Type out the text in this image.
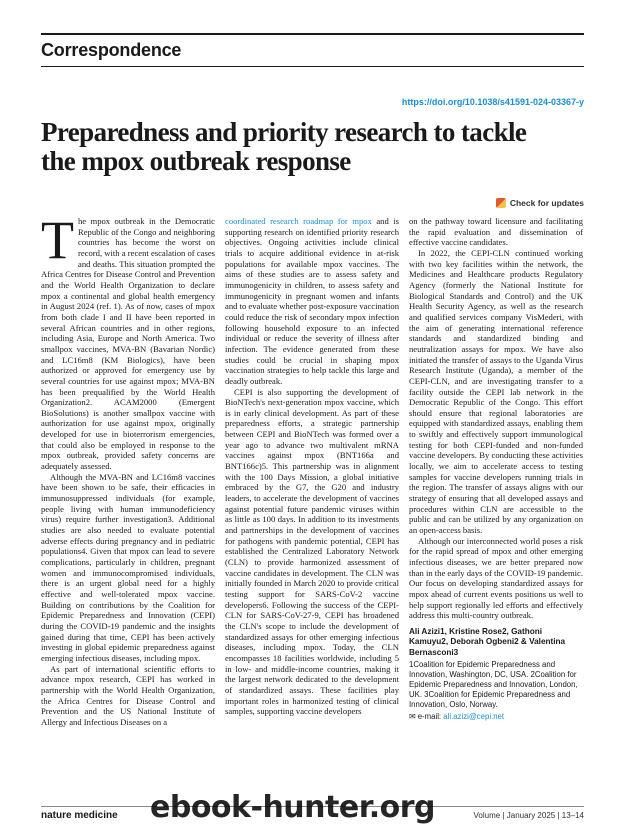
Correspondence
https://doi.org/10.1038/s41591-024-03367-y
Preparedness and priority research to tackle the mpox outbreak response
Check for updates

The mpox outbreak in the Democratic Republic of the Congo and neighboring countries has become the worst on record, with a recent escalation of cases and deaths. This situation prompted the Africa Centres for Disease Control and Prevention and the World Health Organization to declare mpox a continental and global health emergency in August 2024 (ref. 1). As of now, cases of mpox from both clade I and II have been reported in several African countries and in other regions, including Asia, Europe and North America. Two smallpox vaccines, MVA-BN (Bavarian Nordic) and LC16m8 (KM Biologics), have been authorized or approved for emergency use by several countries for use against mpox; MVA-BN has been prequalified by the World Health Organization2. ACAM2000 (Emergent BioSolutions) is another smallpox vaccine with authorization for use against mpox, originally developed for use in bioterrorism emergencies, that could also be employed in response to the mpox outbreak, provided safety concerns are adequately assessed.

Although the MVA-BN and LC16m8 vaccines have been shown to be safe, their efficacies in immunosuppressed individuals (for example, people living with human immunodeficiency virus) require further investigation3. Additional studies are also needed to evaluate potential adverse effects during pregnancy and in pediatric populations4. Given that mpox can lead to severe complications, particularly in children, pregnant women and immunocompromised individuals, there is an urgent global need for a highly effective and well-tolerated mpox vaccine. Building on contributions by the Coalition for Epidemic Preparedness and Innovation (CEPI) during the COVID-19 pandemic and the insights gained during that time, CEPI has been actively investing in global epidemic preparedness against emerging infectious diseases, including mpox.

As part of international scientific efforts to advance mpox research, CEPI has worked in partnership with the World Health Organization, the Africa Centres for Disease Control and Prevention and the US National Institute of Allergy and Infectious Diseases on a

coordinated research roadmap for mpox and is supporting research on identified priority research objectives. Ongoing activities include clinical trials to acquire additional evidence in at-risk populations for available mpox vaccines. The aims of these studies are to assess safety and immunogenicity in children, to assess safety and immunogenicity in pregnant women and infants and to evaluate whether post-exposure vaccination could reduce the risk of secondary mpox infection following household exposure to an infected individual or reduce the severity of illness after infection. The evidence generated from these studies could be crucial in shaping mpox vaccination strategies to help tackle this large and deadly outbreak.

CEPI is also supporting the development of BioNTech's next-generation mpox vaccine, which is in early clinical development. As part of these preparedness efforts, a strategic partnership between CEPI and BioNTech was formed over a year ago to advance two multivalent mRNA vaccines against mpox (BNT166a and BNT166c)5. This partnership was in alignment with the 100 Days Mission, a global initiative embraced by the G7, the G20 and industry leaders, to accelerate the development of vaccines against potential future pandemic viruses within as little as 100 days. In addition to its investments and partnerships in the development of vaccines for pathogens with pandemic potential, CEPI has established the Centralized Laboratory Network (CLN) to provide harmonized assessment of vaccine candidates in development. The CLN was initially founded in March 2020 to provide critical testing support for SARS-CoV-2 vaccine developers6. Following the success of the CEPI-CLN for SARS-CoV-27-9, CEPI has broadened the CLN's scope to include the development of standardized assays for other emerging infectious diseases, including mpox. Today, the CLN encompasses 18 facilities worldwide, including 5 in low- and middle-income countries, making it the largest network dedicated to the development of standardized assays. These facilities play important roles in harmonized testing of clinical samples, supporting vaccine developers

on the pathway toward licensure and facilitating the rapid evaluation and dissemination of effective vaccine candidates.

In 2022, the CEPI-CLN continued working with two key facilities within the network, the Medicines and Healthcare products Regulatory Agency (formerly the National Institute for Biological Standards and Control) and the UK Health Security Agency, as well as the research and qualified services company VisMederi, with the aim of generating international reference standards and standardized binding and neutralization assays for mpox. We have also initiated the transfer of assays to the Uganda Virus Research Institute (Uganda), a member of the CEPI-CLN, and are investigating transfer to a facility outside the CEPI lab network in the Democratic Republic of the Congo. This effort should ensure that regional laboratories are equipped with standardized assays, enabling them to swiftly and effectively support immunological testing for both CEPI-funded and non-funded vaccine developers. By conducting these activities locally, we aim to accelerate access to testing samples for vaccine developers running trials in the region. The transfer of assays aligns with our strategy of ensuring that all developed assays and procedures within CLN are accessible to the public and can be utilized by any organization on an open-access basis.

Although our interconnected world poses a risk for the rapid spread of mpox and other emerging infectious diseases, we are better prepared now than in the early days of the COVID-19 pandemic. Our focus on developing standardized assays for mpox ahead of current events positions us well to help support regionally led efforts and effectively address this multi-country outbreak.

Ali Azizi1, Kristine Rose2, Gathoni Kamuyu2, Deborah Ogbeni2 & Valentina Bernasconi3
1Coalition for Epidemic Preparedness and Innovation, Washington, DC, USA. 2Coalition for Epidemic Preparedness and Innovation, London, UK. 3Coalition for Epidemic Preparedness and Innovation, Oslo, Norway.
✉ e-mail: ali.azizi@cepi.net
nature medicine	Volume | January 2025 | 13–14
ebook-hunter.org
